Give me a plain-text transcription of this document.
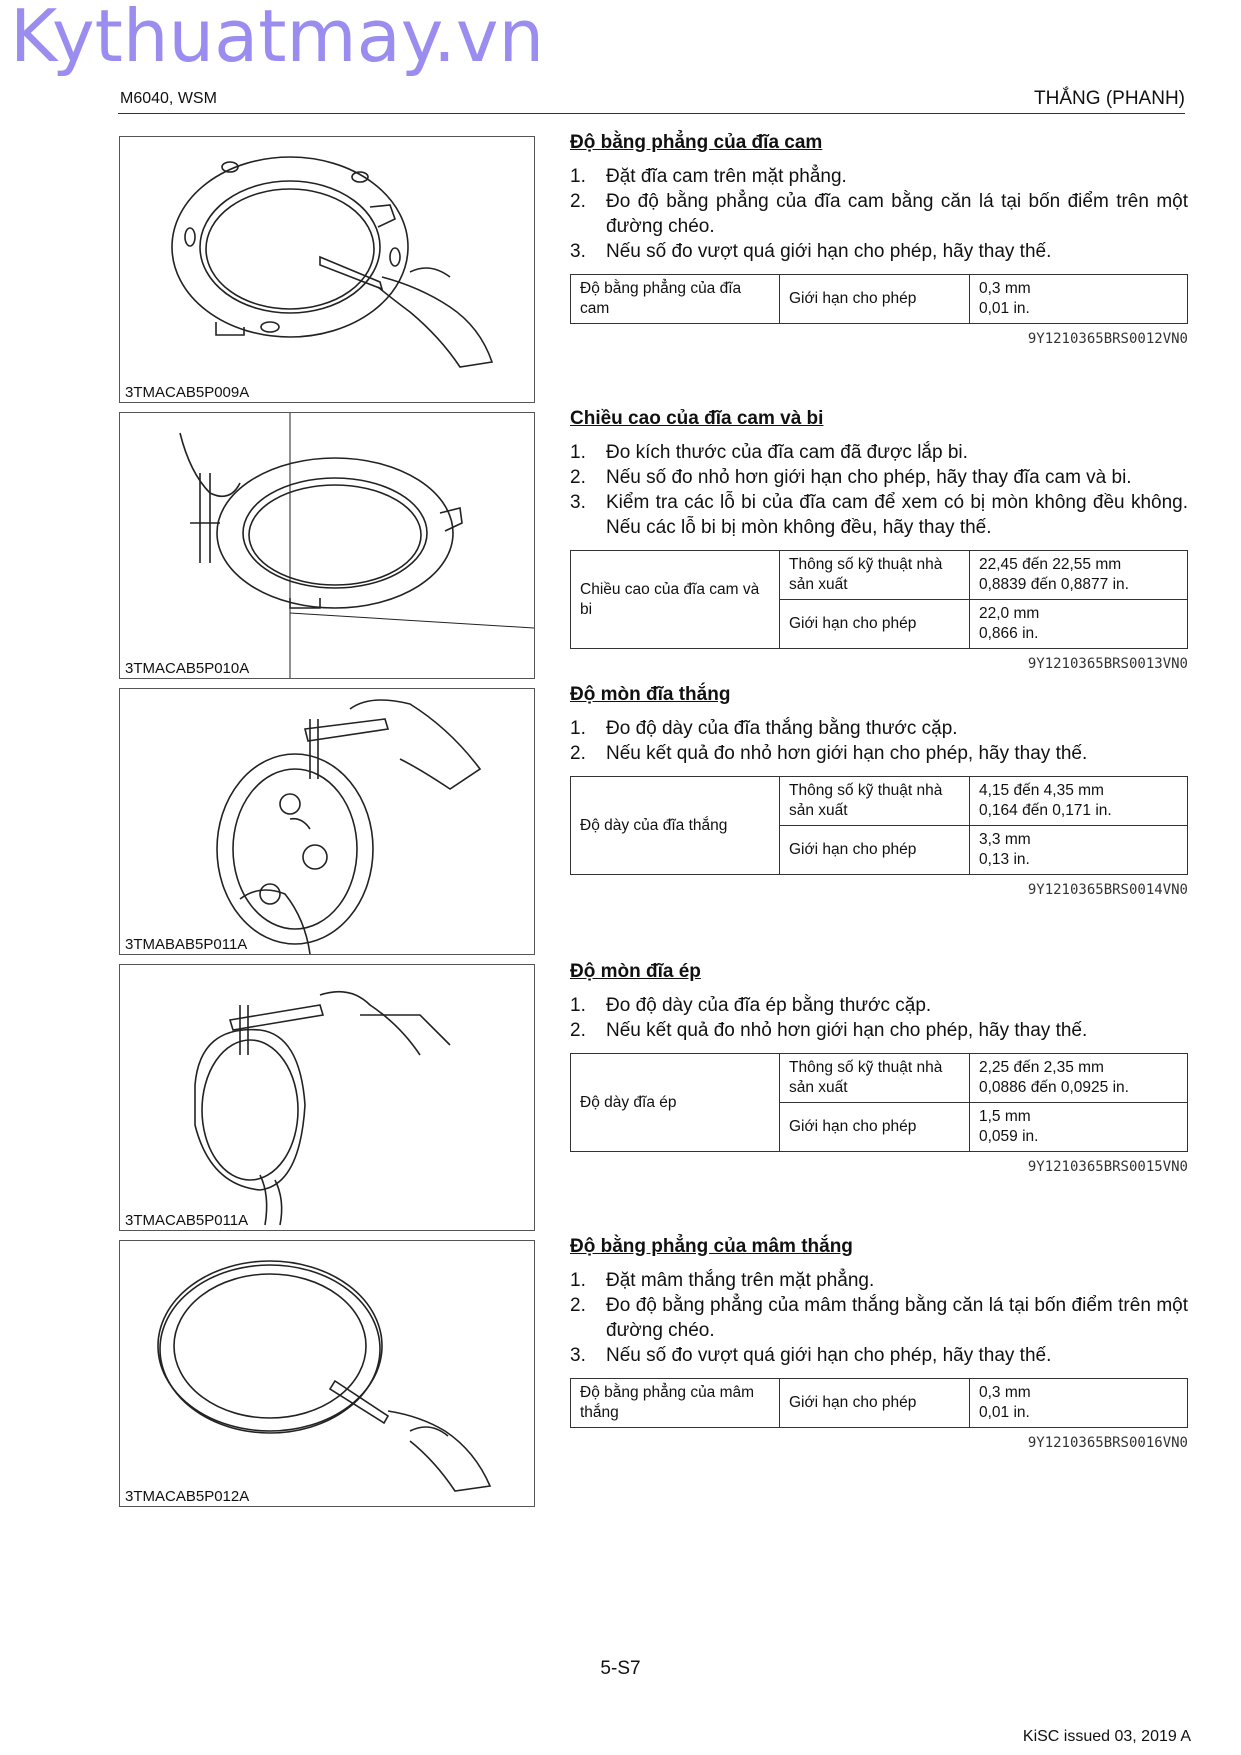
Kythuatmay.vn
M6040, WSM	THẮNG (PHANH)
3TMACAB5P009A
3TMACAB5P010A
3TMABAB5P011A
3TMACAB5P011A
3TMACAB5P012A
Độ bằng phẳng của đĩa cam
1. Đặt đĩa cam trên mặt phẳng.
2. Đo độ bằng phẳng của đĩa cam bằng căn lá tại bốn điểm trên một đường chéo.
3. Nếu số đo vượt quá giới hạn cho phép, hãy thay thế.
Độ bằng phẳng của đĩa cam	Giới hạn cho phép	
0,3 mm
0,01 in.
9Y1210365BRS0012VN0
Chiều cao của đĩa cam và bi
1. Đo kích thước của đĩa cam đã được lắp bi.
2. Nếu số đo nhỏ hơn giới hạn cho phép, hãy thay đĩa cam và bi.
3. Kiểm tra các lỗ bi của đĩa cam để xem có bị mòn không đều không. Nếu các lỗ bi bị mòn không đều, hãy thay thế.
Chiều cao của đĩa cam và bi	Thông số kỹ thuật nhà sản xuất	22,45 đến 22,55 mm
0,8839 đến 0,8877 in.

	Giới hạn cho phép	22,0 mm
0,866 in.
9Y1210365BRS0013VN0
Độ mòn đĩa thắng
1. Đo độ dày của đĩa thắng bằng thước cặp.
2. Nếu kết quả đo nhỏ hơn giới hạn cho phép, hãy thay thế.
Độ dày của đĩa thắng	Thông số kỹ thuật nhà sản xuất	4,15 đến 4,35 mm
0,164 đến 0,171 in.

	Giới hạn cho phép	3,3 mm
0,13 in.
9Y1210365BRS0014VN0
Độ mòn đĩa ép
1. Đo độ dày của đĩa ép bằng thước cặp.
2. Nếu kết quả đo nhỏ hơn giới hạn cho phép, hãy thay thế.
Độ dày đĩa ép	Thông số kỹ thuật nhà sản xuất	2,25 đến 2,35 mm
0,0886 đến 0,0925 in.

	Giới hạn cho phép	1,5 mm
0,059 in.
9Y1210365BRS0015VN0
Độ bằng phẳng của mâm thắng
1. Đặt mâm thắng trên mặt phẳng.
2. Đo độ bằng phẳng của mâm thắng bằng căn lá tại bốn điểm trên một đường chéo.
3. Nếu số đo vượt quá giới hạn cho phép, hãy thay thế.
Độ bằng phẳng của mâm thắng	Giới hạn cho phép	
0,3 mm
0,01 in.
9Y1210365BRS0016VN0
5-S7
KiSC issued 03, 2019 A
